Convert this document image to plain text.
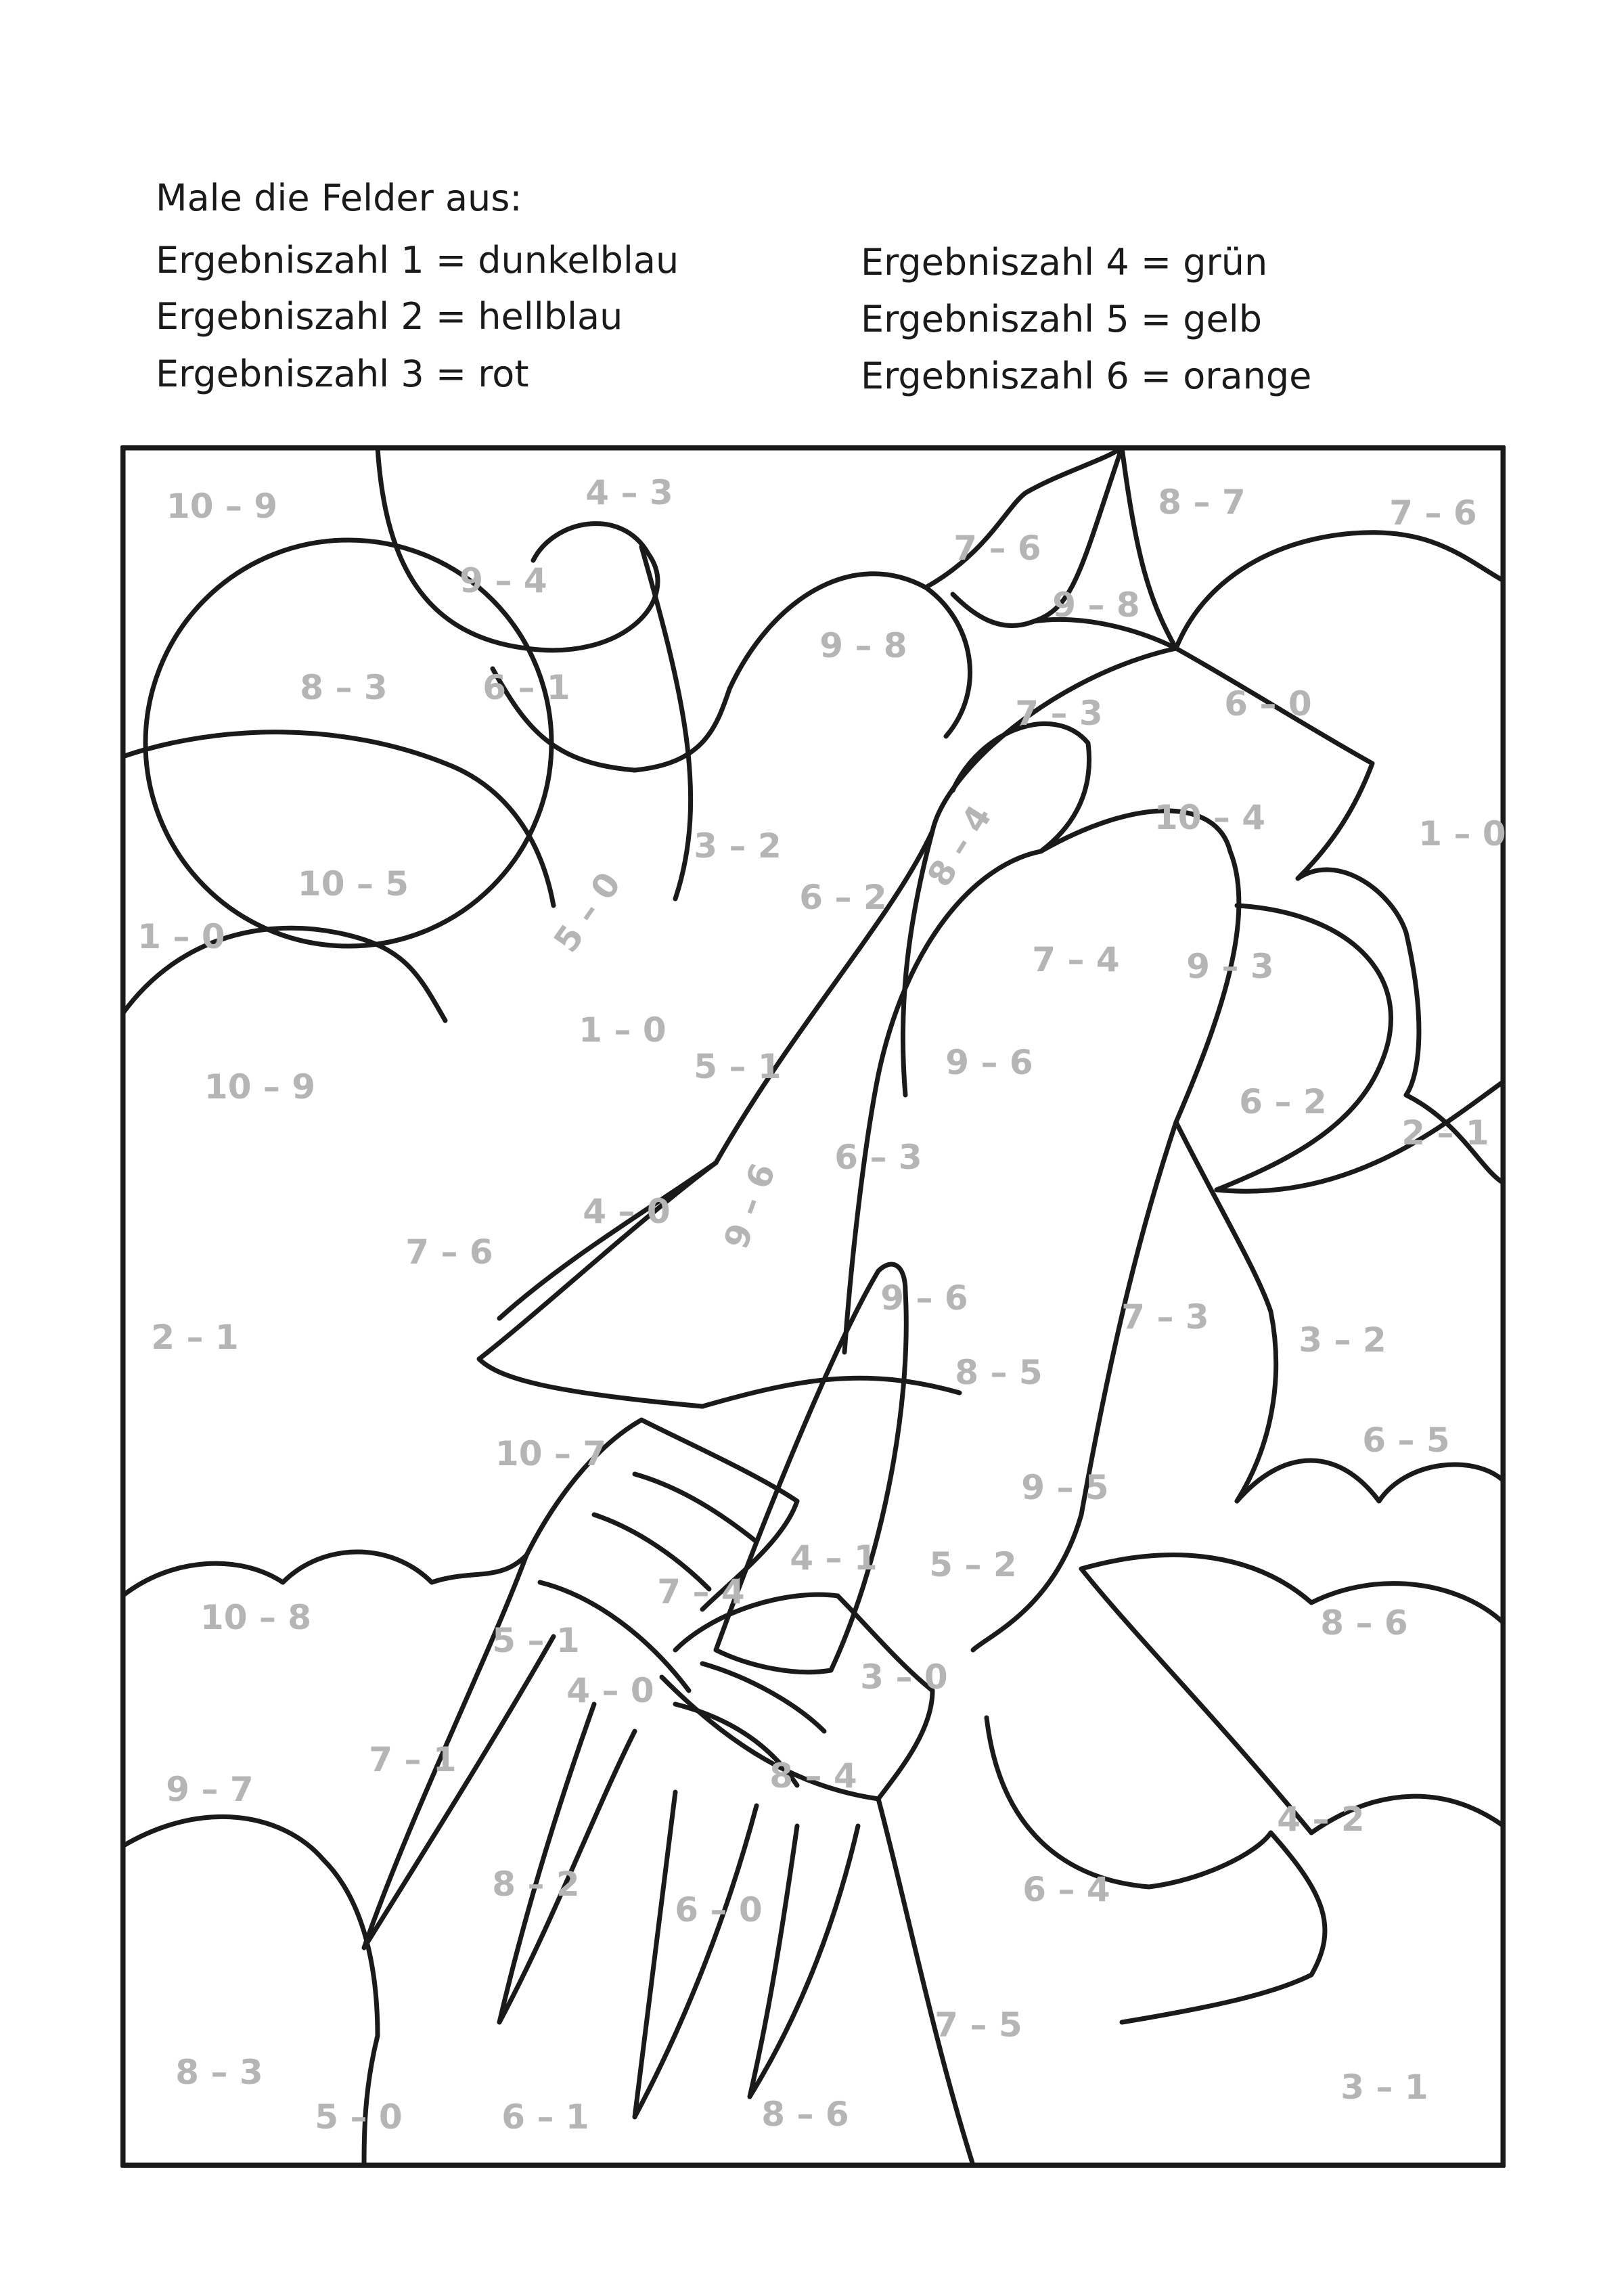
Male die Felder aus:
Ergebniszahl 1 = dunkelblau
Ergebniszahl 2 = hellblau
Ergebniszahl 3 = rot
Ergebniszahl 4 = grün
Ergebniszahl 5 = gelb
Ergebniszahl 6 = orange
10 – 9	4 – 3
9 – 4
8 – 7	7 – 6
7 – 6
9 – 8
9 – 8
8 – 3	6 – 1
7 – 3	6 – 0
10 – 4	1 – 0
10 – 5	5 – 0
3 – 2	8 – 4
6 – 2
1 – 0
7 – 4 9 – 3
1 – 0
5 – 1	9 – 6
10 – 9	6 – 2
2 – 1
6 – 3
9 – 6
4 – 0
7 – 6
9 – 6
2 – 1
7 – 3
3 – 2
8 – 5
10 – 7	6 – 5
9 – 5
4 – 1 5 – 2
7 – 4
10 – 8	8 – 6
5 – 1
3 – 0
4 – 0
7 – 1
9 – 7	8 – 4
4 – 2
8 – 2
6 – 0
6 – 4
7 – 5
8 – 3	3 – 1
5 – 0	6 – 1	8 – 6
